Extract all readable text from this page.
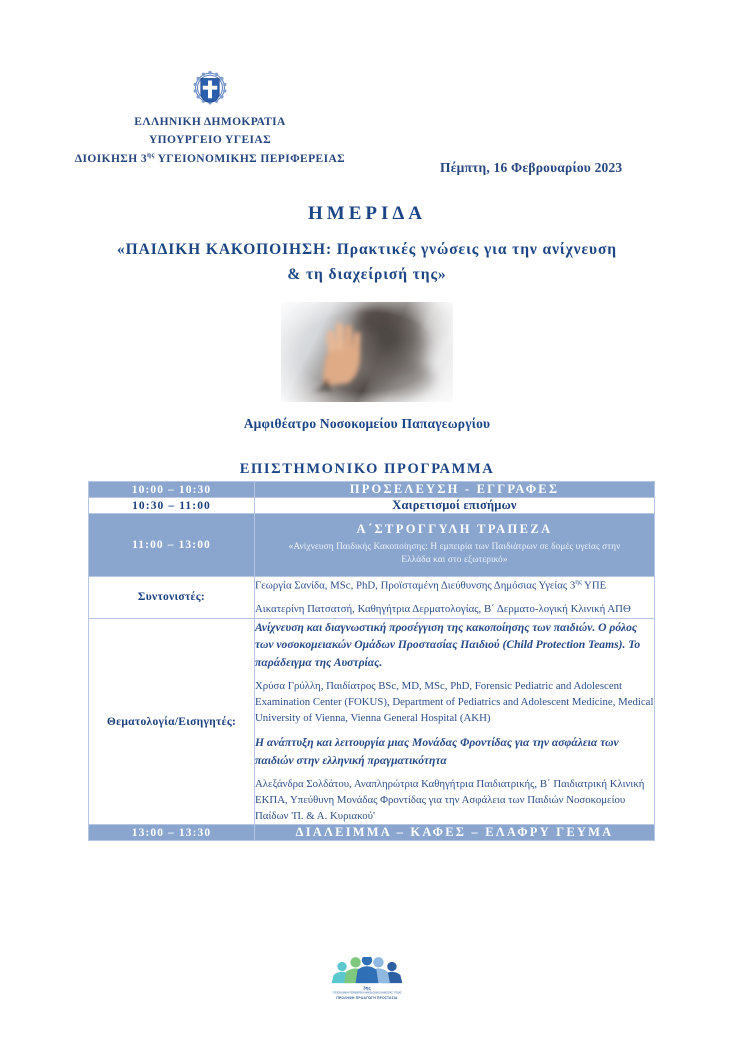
ΕΛΛΗΝΙΚΗ ΔΗΜΟΚΡΑΤΙΑ
ΥΠΟΥΡΓΕΙΟ ΥΓΕΙΑΣ
ΔΙΟΙΚΗΣΗ $3^{\eta\varsigma}$ ΥΓΕΙΟΝΟΜΙΚΗΣ ΠΕΡΙΦΕΡΕΙΑΣ
Πέμπτη, 16 Φεβρουαρίου 2023
ΗΜΕΡΙΔΑ
«ΠΑΙΔΙΚΗ ΚΑΚΟΠΟΙΗΣΗ: Πρακτικές γνώσεις για την ανίχνευση & τη διαχείρισή της»
Αμφιθέατρο Νοσοκομείου Παπαγεωργίου
ΕΠΙΣΤΗΜΟΝΙΚΟ ΠΡΟΓΡΑΜΜΑ
10:00 – 10:30	ΠΡΟΣΕΛΕΥΣΗ - ΕΓΓΡΑΦΕΣ
10:30 – 11:00	Χαιρετισμοί επισήμων
11:00 – 13:00	Α΄ΣΤΡΟΓΓΥΛΗ ΤΡΑΠΕΖΑ
«Ανίχνευση Παιδικής Κακοποίησης: Η εμπειρία των Παιδιάτρων σε δομές υγείας στην Ελλάδα και στο εξωτερικό»

Συντονιστές:	Γεωργία Σανίδα, MSc, PhD, Προϊσταμένη Διεύθυνσης Δημόσιας Υγείας $3^{\eta\varsigma}$ ΥΠΕ

Αικατερίνη Πατσατσή, Καθηγήτρια Δερματολογίας, Β΄ Δερματο-λογική Κλινική ΑΠΘ

Θεματολογία/Εισηγητές:	Ανίχνευση και διαγνωστική προσέγγιση της κακοποίησης των παιδιών. Ο ρόλος των νοσοκομειακών Ομάδων Προστασίας Παιδιού (Child Protection Teams). Το παράδειγμα της Αυστρίας.

Χρύσα Γρύλλη, Παιδίατρος BSc, MD, MSc, PhD, Forensic Pediatric and Adolescent Examination Center (FOKUS), Department of Pediatrics and Adolescent Medicine, Medical University of Vienna, Vienna General Hospital (AKH)

Η ανάπτυξη και λειτουργία μιας Μονάδας Φροντίδας για την ασφάλεια των παιδιών στην ελληνική πραγματικότητα

Αλεξάνδρα Σολδάτου, Αναπληρώτρια Καθηγήτρια Παιδιατρικής, Β΄ Παιδιατρική Κλινική ΕΚΠΑ, Υπεύθυνη Μονάδας Φροντίδας για την Ασφάλεια των Παιδιών Νοσοκομείου Παίδων 'Π. & Α. Κυριακού'

13:00 – 13:30	ΔΙΑΛΕΙΜΜΑ – ΚΑΦΕΣ – ΕΛΑΦΡΥ ΓΕΥΜΑ
3ης
ΥΓΕΙΟΝΟΜΙΚΗ ΠΕΡΙΦΕΡΕΙΑ ΜΑΚΕΔΟΝΙΑΣ ΔΗΜΟΣΙΑΣ ΥΓΕΙΑΣ
ΠΡΟΛΗΨΗ ΠΡΟΑΓΩΓΗ ΠΡΟΣΤΑΣΙΑ
